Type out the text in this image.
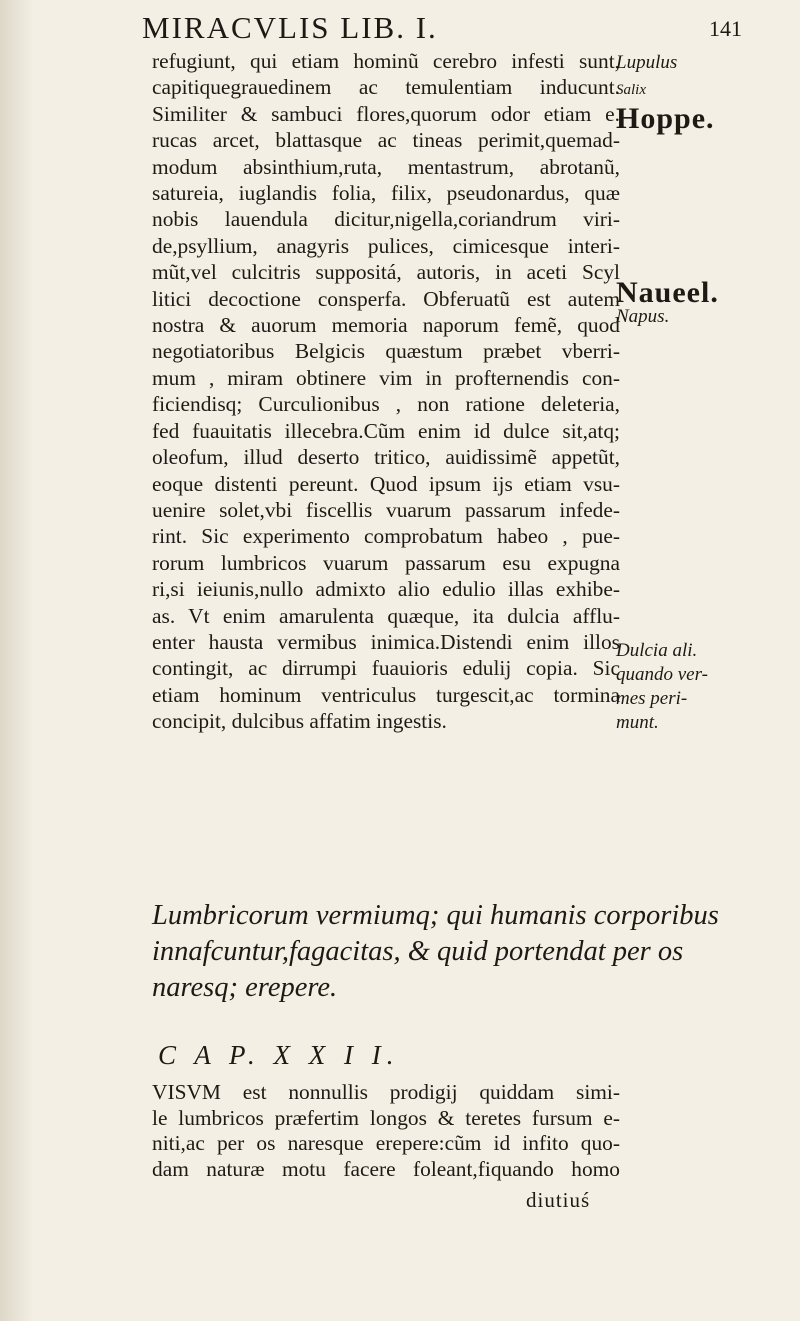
MIRACVLIS LIB. I.	141
refugiunt, qui etiam hominũ cerebro infesti sunt,
capitiquegrauedinem ac temulentiam inducunt.
Similiter & sambuci flores,quorum odor etiam e.
rucas arcet, blattasque ac tineas perimit,quemad-
modum absinthium,ruta, mentastrum, abrotanũ,
satureia, iuglandis folia, filix, pseudonardus, quæ
nobis lauendula dicitur,nigella,coriandrum viri-
de,psyllium, anagyris pulices, cimicesque interi-
mũt,vel culcitris suppositá, autoris, in aceti Scyl
litici decoctione consperfa. Obferuatũ est autem
nostra & auorum memoria naporum femẽ, quod
negotiatoribus Belgicis quæstum præbet vberri-
mum , miram obtinere vim in profternendis con-
ficiendisq; Curculionibus , non ratione deleteria,
fed fuauitatis illecebra.Cũm enim id dulce sit,atq;
oleofum, illud deserto tritico, auidissimẽ appetũt,
eoque distenti pereunt. Quod ipsum ijs etiam vsu-
uenire solet,vbi fiscellis vuarum passarum infede-
rint. Sic experimento comprobatum habeo , pue-
rorum lumbricos vuarum passarum esu expugna
ri,si ieiunis,nullo admixto alio edulio illas exhibe-
as. Vt enim amarulenta quæque, ita dulcia afflu-
enter hausta vermibus inimica.Distendi enim illos
contingit, ac dirrumpi fuauioris edulij copia. Sic
etiam hominum ventriculus turgescit,ac tormina
concipit, dulcibus affatim ingestis.
Lupulus
Salix
Hoppe.
Naueel.
Napus.
Dulcia ali.
quando ver-
mes peri-
munt.
Lumbricorum vermiumq; qui humanis corporibus
innafcuntur,fagacitas, & quid portendat per os
naresq; erepere.
C A P. X X I I.
VISVM est nonnullis prodigij quiddam simi-
le lumbricos præfertim longos & teretes fursum e-
niti,ac per os naresque erepere:cũm id infito quo-
dam naturæ motu facere foleant,fiquando homo
diutiuś
